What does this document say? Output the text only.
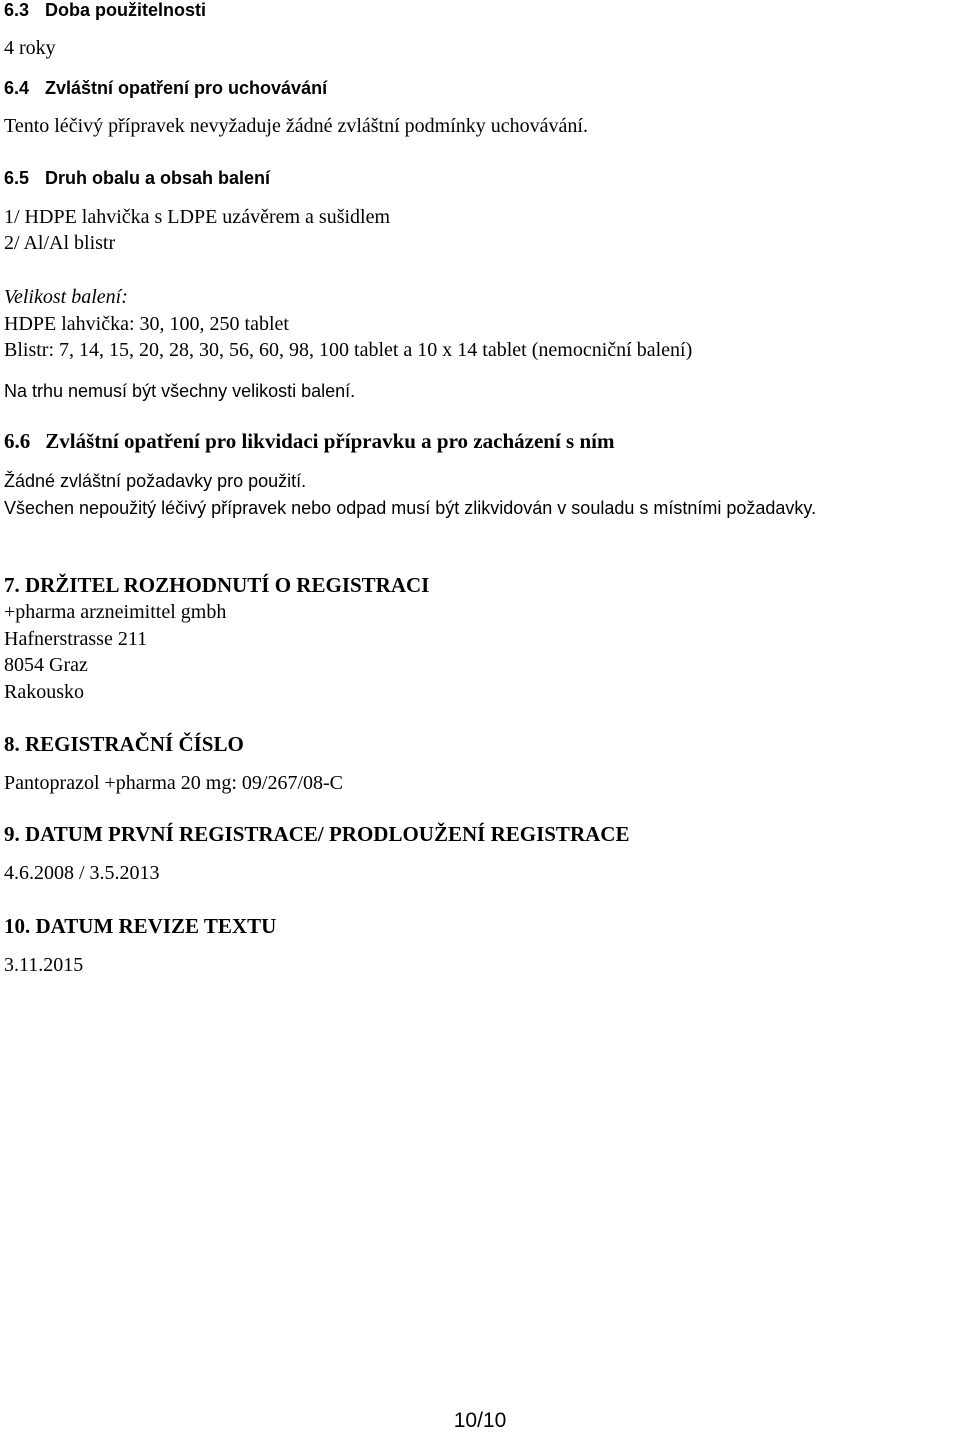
6.3 Doba použitelnosti
4 roky
6.4 Zvláštní opatření pro uchovávání
Tento léčivý přípravek nevyžaduje žádné zvláštní podmínky uchovávání.
6.5 Druh obalu a obsah balení
1/ HDPE lahvička s LDPE uzávěrem a sušidlem
2/ Al/Al blistr
Velikost balení:
HDPE lahvička: 30, 100, 250 tablet
Blistr: 7, 14, 15, 20, 28, 30, 56, 60, 98, 100 tablet a 10 x 14 tablet (nemocniční balení)
Na trhu nemusí být všechny velikosti balení.
6.6 Zvláštní opatření pro likvidaci přípravku a pro zacházení s ním
Žádné zvláštní požadavky pro použití.
Všechen nepoužitý léčivý přípravek nebo odpad musí být zlikvidován v souladu s místními požadavky.
7. DRŽITEL ROZHODNUTÍ O REGISTRACI
+pharma arzneimittel gmbh
Hafnerstrasse 211
8054 Graz
Rakousko
8. REGISTRAČNÍ ČÍSLO
Pantoprazol +pharma 20 mg: 09/267/08-C
9. DATUM PRVNÍ REGISTRACE/ PRODLOUŽENÍ REGISTRACE
4.6.2008 / 3.5.2013
10. DATUM REVIZE TEXTU
3.11.2015
10/10
